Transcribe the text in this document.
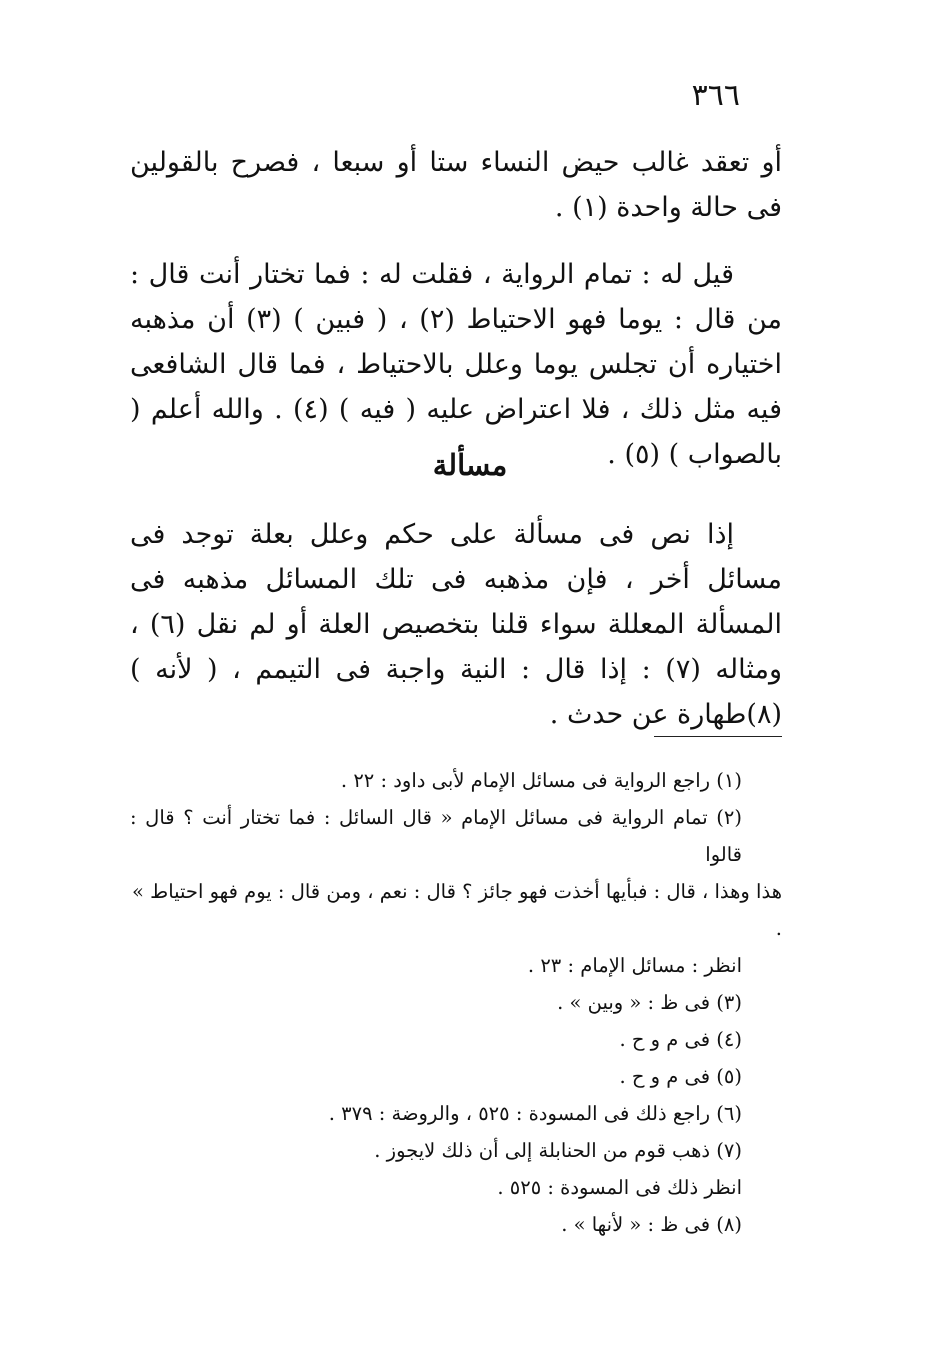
٣٦٦

أو تعقد غالب حيض النساء ستا أو سبعا ، فصرح بالقولين فى حالة واحدة (١) .

قيل له : تمام الرواية ، فقلت له : فما تختار أنت قال : من قال : يوما فهو الاحتياط (٢) ، ( فبين ) (٣) أن مذهبه اختياره أن تجلس يوما وعلل بالاحتياط ، فما قال الشافعى فيه مثل ذلك ، فلا اعتراض عليه ( فيه ) (٤) . والله أعلم ( بالصواب ) (٥) .

مسألة

إذا نص فى مسألة على حكم وعلل بعلة توجد فى مسائل أخر ، فإن مذهبه فى تلك المسائل مذهبه فى المسألة المعللة سواء قلنا بتخصيص العلة أو لم نقل (٦) ، ومثاله (٧) : إذا قال : النية واجبة فى التيمم ، ( لأنه ) (٨)طهارة عن حدث .

(١) راجع الرواية فى مسائل الإمام لأبى داود : ٢٢ .

(٢) تمام الرواية فى مسائل الإمام « قال السائل : فما تختار أنت ؟ قال : قالوا

هذا وهذا ، قال : فبأيها أخذت فهو جائز ؟ قال : نعم ، ومن قال : يوم فهو احتياط » .

انظر : مسائل الإمام : ٢٣ .

(٣) فى ظ : « وبين » .

(٤) فى م و ح .

(٥) فى م و ح .

(٦) راجع ذلك فى المسودة : ٥٢٥ ، والروضة : ٣٧٩ .

(٧) ذهب قوم من الحنابلة إلى أن ذلك لايجوز .

انظر ذلك فى المسودة : ٥٢٥ .

(٨) فى ظ : « لأنها » .
